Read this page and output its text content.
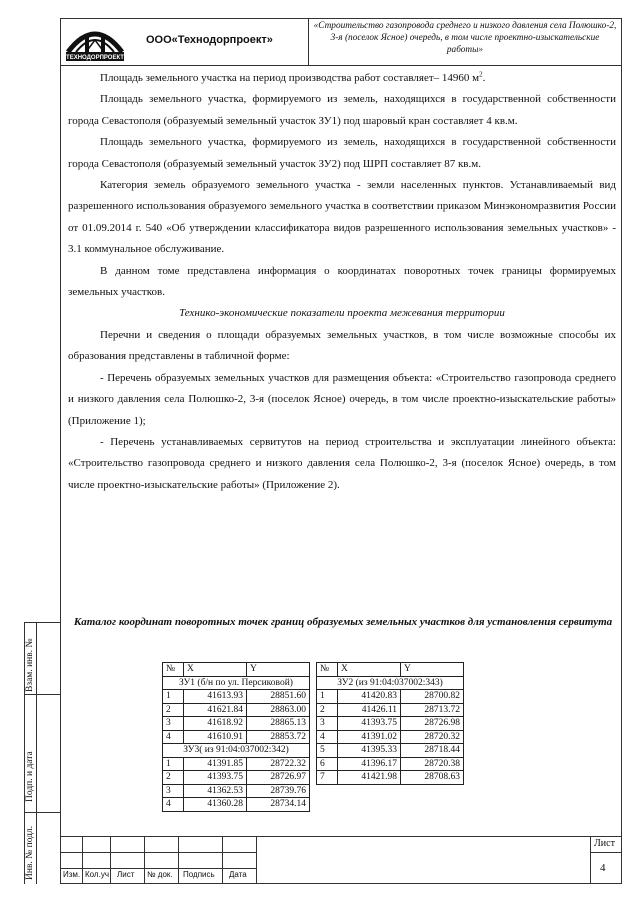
ТЕХНОДОРПРОЕКТ
ООО«Технодорпроект»
«Строительство газопровода среднего и низкого давления села Полюшко-2, 3-я (поселок Ясное) очередь, в том числе проектно-изыскательские работы»

Площадь земельного участка на период производства работ составляет– 14960 $м^2$.

Площадь земельного участка, формируемого из земель, находящихся в государственной собственности города Севастополя (образуемый земельный участок ЗУ1) под шаровый кран составляет 4 кв.м.

Площадь земельного участка, формируемого из земель, находящихся в государственной собственности города Севастополя (образуемый земельный участок ЗУ2) под ШРП составляет 87 кв.м.

Категория земель образуемого земельного участка - земли населенных пунктов. Устанавливаемый вид разрешенного использования образуемого земельного участка в соответствии приказом Минэкономразвития России от 01.09.2014 г. 540 «Об утверждении классификатора видов разрешенного использования земельных участков» - 3.1 коммунальное обслуживание.

В данном томе представлена информация о координатах поворотных точек границы формируемых земельных участков.

Технико-экономические показатели проекта межевания территории

Перечни и сведения о площади образуемых земельных участков, в том числе возможные способы их образования представлены в табличной форме:

- Перечень образуемых земельных участков для размещения объекта: «Строительство газопровода среднего и низкого давления села Полюшко-2, 3-я (поселок Ясное) очередь, в том числе проектно-изыскательские работы» (Приложение 1);

- Перечень устанавливаемых сервитутов на период строительства и эксплуатации линейного объекта: «Строительство газопровода среднего и низкого давления села Полюшко-2, 3-я (поселок Ясное) очередь, в том числе проектно-изыскательские работы» (Приложение 2).

Каталог координат поворотных точек границ образуемых земельных участков для установления сервитута
№	X	Y
ЗУ1 (б/н по ул. Персиковой)		
1	41613.93	28851.60
2	41621.84	28863.00
3	41618.92	28865.13
4	41610.91	28853.72
ЗУ3( из 91:04:037002:342)		
1	41391.85	28722.32
2	41393.75	28726.97
3	41362.53	28739.76
4	41360.28	28734.14
№	X	Y
ЗУ2 (из 91:04:037002:343)		
1	41420.83	28700.82
2	41426.11	28713.72
3	41393.75	28726.98
4	41391.02	28720.32
5	41395.33	28718.44
6	41396.17	28720.38
7	41421.98	28708.63
Взам. инв. №
Подп. и дата
Инв. № подл.	Изм. Кол.уч Лист № док. Подпись Дата
Лист
4
